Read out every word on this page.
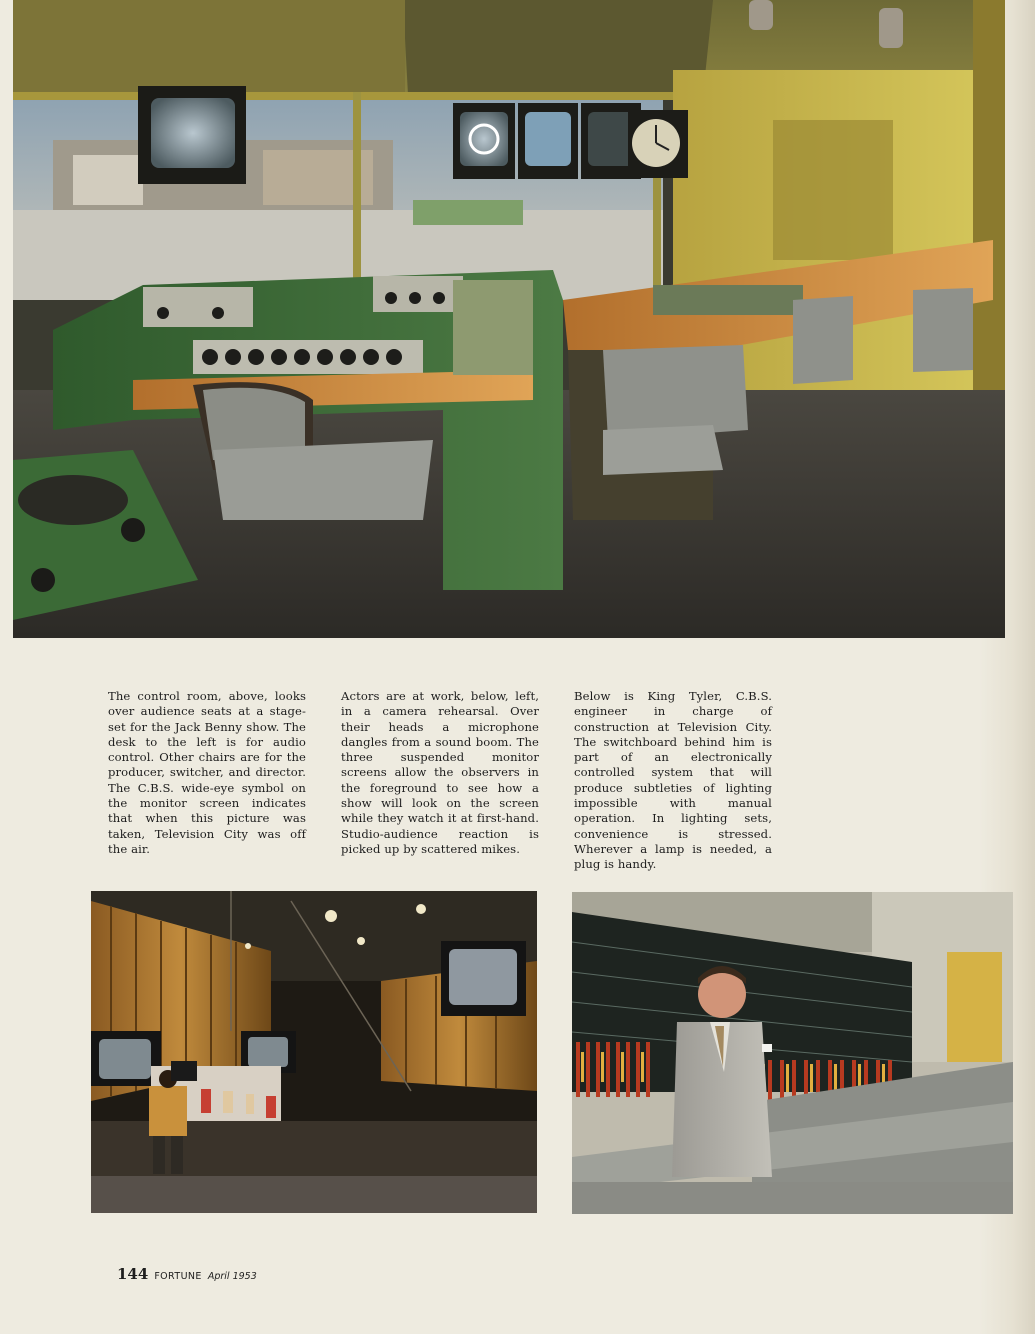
The control room, above, looks over audience seats at a stage-set for the Jack Benny show. The desk to the left is for audio control. Other chairs are for the producer, switcher, and director. The C.B.S. wide-eye symbol on the monitor screen indicates that when this picture was taken, Television City was off the air.
Actors are at work, below, left, in a camera rehearsal. Over their heads a microphone dangles from a sound boom. The three suspended monitor screens allow the observers in the foreground to see how a show will look on the screen while they watch it at first-hand. Studio-audience reaction is picked up by scattered mikes.
Below is King Tyler, C.B.S. engineer in charge of construction at Television City. The switchboard behind him is part of an electronically controlled system that will produce subtleties of lighting impossible with manual operation. In lighting sets, convenience is stressed. Wherever a lamp is needed, a plug is handy.
144 FORTUNE April 1953
